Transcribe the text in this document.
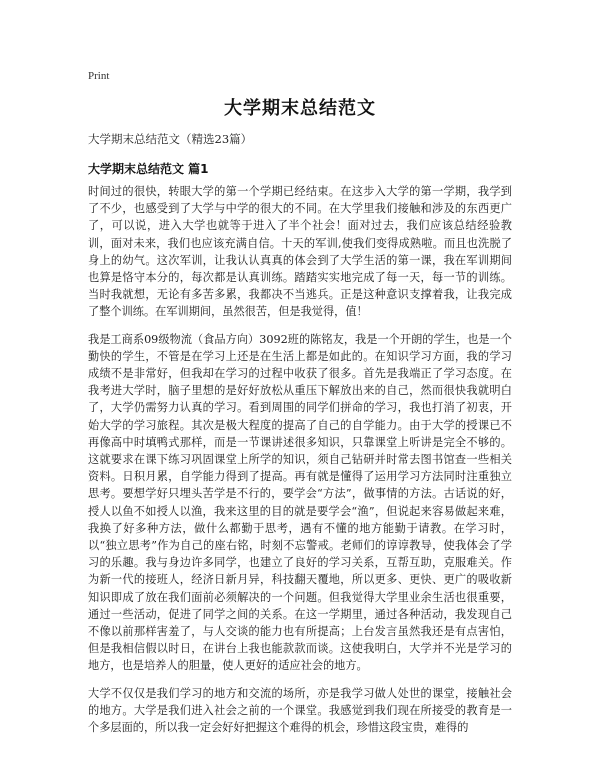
Print
大学期末总结范文
大学期末总结范文（精选23篇）
大学期末总结范文 篇1

时间过的很快，转眼大学的第一个学期已经结束。在这步入大学的第一学期，我学到了不少，也感受到了大学与中学的很大的不同。在大学里我们接触和涉及的东西更广了，可以说，进入大学也就等于进入了半个社会！面对过去，我们应该总结经验教训，面对未来，我们也应该充满自信。十天的军训,使我们变得成熟啦。而且也洗脱了身上的幼气。这次军训，让我认认真真的体会到了大学生活的第一课，我在军训期间也算是恪守本分的，每次都是认真训练。踏踏实实地完成了每一天，每一节的训练。当时我就想，无论有多苦多累，我都决不当逃兵。正是这种意识支撑着我，让我完成了整个训练。在军训期间，虽然很苦，但是我觉得，值！

我是工商系09级物流（食品方向）3092班的陈铭友，我是一个开朗的学生，也是一个勤快的学生，不管是在学习上还是在生活上都是如此的。在知识学习方面，我的学习成绩不是非常好，但我却在学习的过程中收获了很多。首先是我端正了学习态度。在我考进大学时，脑子里想的是好好放松从重压下解放出来的自己，然而很快我就明白了，大学仍需努力认真的学习。看到周围的同学们拼命的学习，我也打消了初衷，开始大学的学习旅程。其次是极大程度的提高了自己的自学能力。由于大学的授课已不再像高中时填鸭式那样，而是一节课讲述很多知识，只靠课堂上听讲是完全不够的。这就要求在课下练习巩固课堂上所学的知识，须自己钻研并时常去图书馆查一些相关资料。日积月累，自学能力得到了提高。再有就是懂得了运用学习方法同时注重独立思考。要想学好只埋头苦学是不行的，要学会“方法”，做事情的方法。古话说的好，授人以鱼不如授人以渔，我来这里的目的就是要学会“渔”，但说起来容易做起来难，我换了好多种方法，做什么都勤于思考，遇有不懂的地方能勤于请教。在学习时，以“独立思考”作为自己的座右铭，时刻不忘警戒。老师们的谆谆教导，使我体会了学习的乐趣。我与身边许多同学，也建立了良好的学习关系，互帮互助，克服难关。作为新一代的接班人，经济日新月异，科技翻天覆地，所以更多、更快、更广的吸收新知识即成了放在我们面前必须解决的一个问题。但我觉得大学里业余生活也很重要，通过一些活动，促进了同学之间的关系。在这一学期里，通过各种活动，我发现自己不像以前那样害羞了，与人交谈的能力也有所提高；上台发言虽然我还是有点害怕，但是我相信假以时日，在讲台上我也能款款而谈。这使我明白，大学并不光是学习的地方，也是培养人的胆量，使人更好的适应社会的地方。

大学不仅仅是我们学习的地方和交流的场所，亦是我学习做人处世的课堂，接触社会的地方。大学是我们进入社会之前的一个课堂。我感觉到我们现在所接受的教育是一个多层面的，所以我一定会好好把握这个难得的机会，珍惜这段宝贵，难得的
